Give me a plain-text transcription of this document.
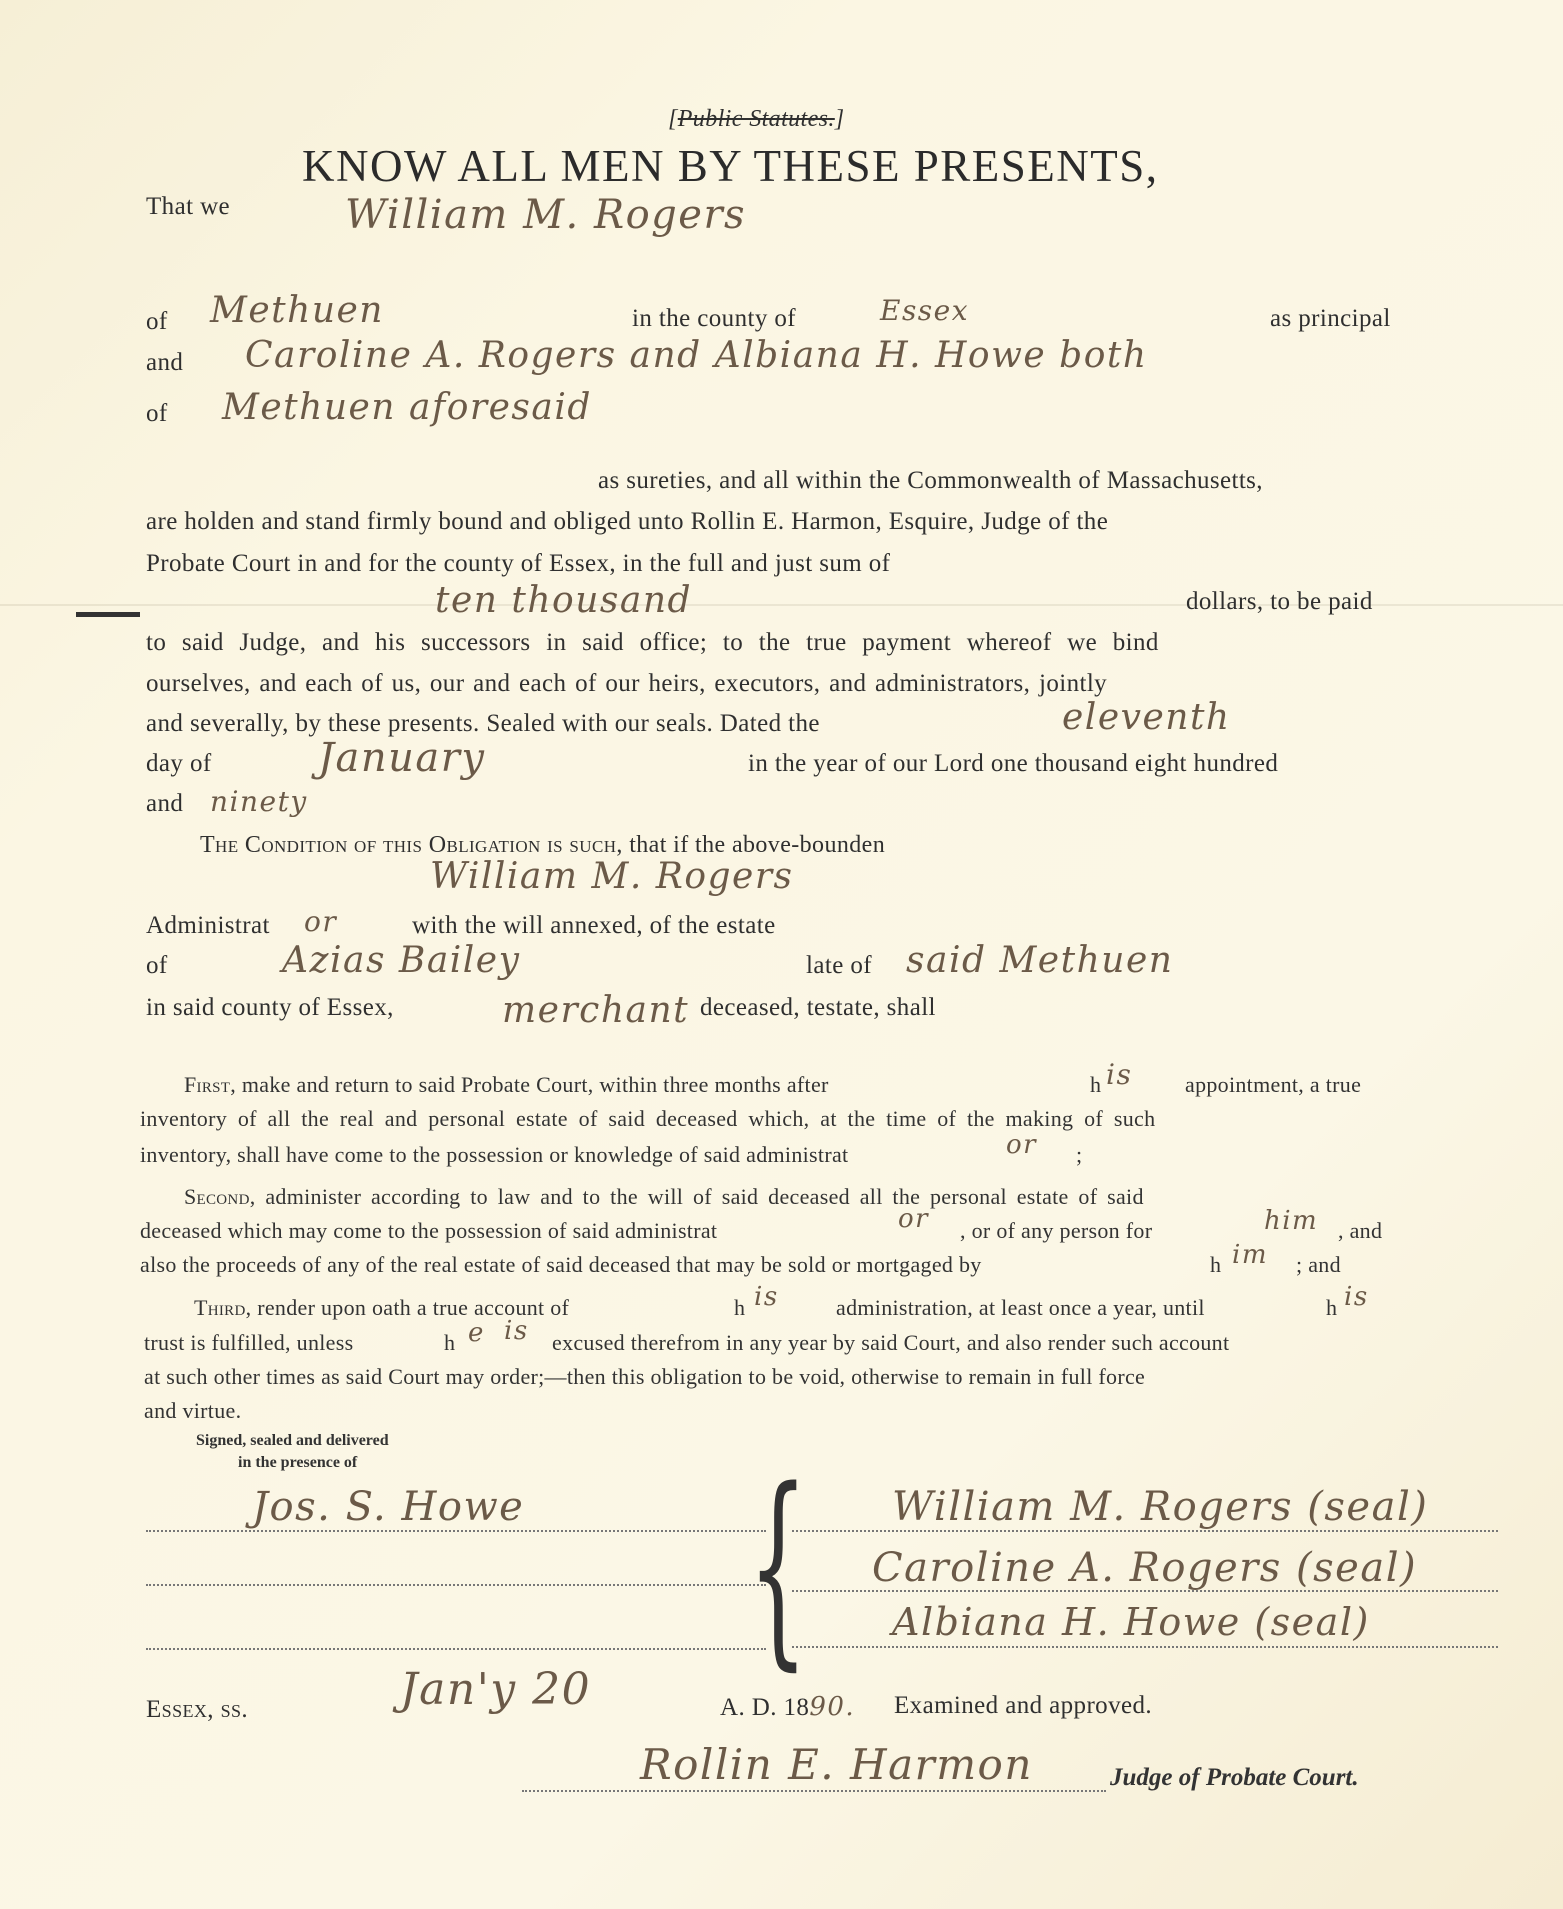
[Public Statutes.]
KNOW ALL MEN BY THESE PRESENTS,
That we	William M. Rogers
of Methuen	in the county of	Essex	as principal
and Caroline A. Rogers and Albiana H. Howe both
of Methuen aforesaid
as sureties, and all within the Commonwealth of Massachusetts,
are holden and stand firmly bound and obliged unto Rollin E. Harmon, Esquire, Judge of the
Probate Court in and for the county of Essex, in the full and just sum of
ten thousand	dollars, to be paid
to said Judge, and his successors in said office; to the true payment whereof we bind
ourselves, and each of us, our and each of our heirs, executors, and administrators, jointly
and severally, by these presents. Sealed with our seals. Dated the	eleventh
day of	January	in the year of our Lord one thousand eight hundred
and ninety
The Condition of this Obligation is such, that if the above-bounden
William M. Rogers
Administrat or	with the will annexed, of the estate
of	Azias Bailey	late of said Methuen
in said county of Essex,	merchant deceased, testate, shall
First, make and return to said Probate Court, within three months after	h is appointment, a true
inventory of all the real and personal estate of said deceased which, at the time of the making of such
inventory, shall have come to the possession or knowledge of said administrat	or ;
Second, administer according to law and to the will of said deceased all the personal estate of said
deceased which may come to the possession of said administrat	or , or of any person for	him , and
also the proceeds of any of the real estate of said deceased that may be sold or mortgaged by	h im ; and
Third, render upon oath a true account of	h is	administration, at least once a year, until	h is
trust is fulfilled, unless	h e is excused therefrom in any year by said Court, and also render such account
at such other times as said Court may order;—then this obligation to be void, otherwise to remain in full force
and virtue.
Signed, sealed and delivered
in the presence of
Jos. S. Howe { William M. Rogers (seal)
Caroline A. Rogers (seal)
Albiana H. Howe (seal)
Essex, ss.	Jan'y 20	A. D. 1890. Examined and approved.
Rollin E. Harmon	Judge of Probate Court.
